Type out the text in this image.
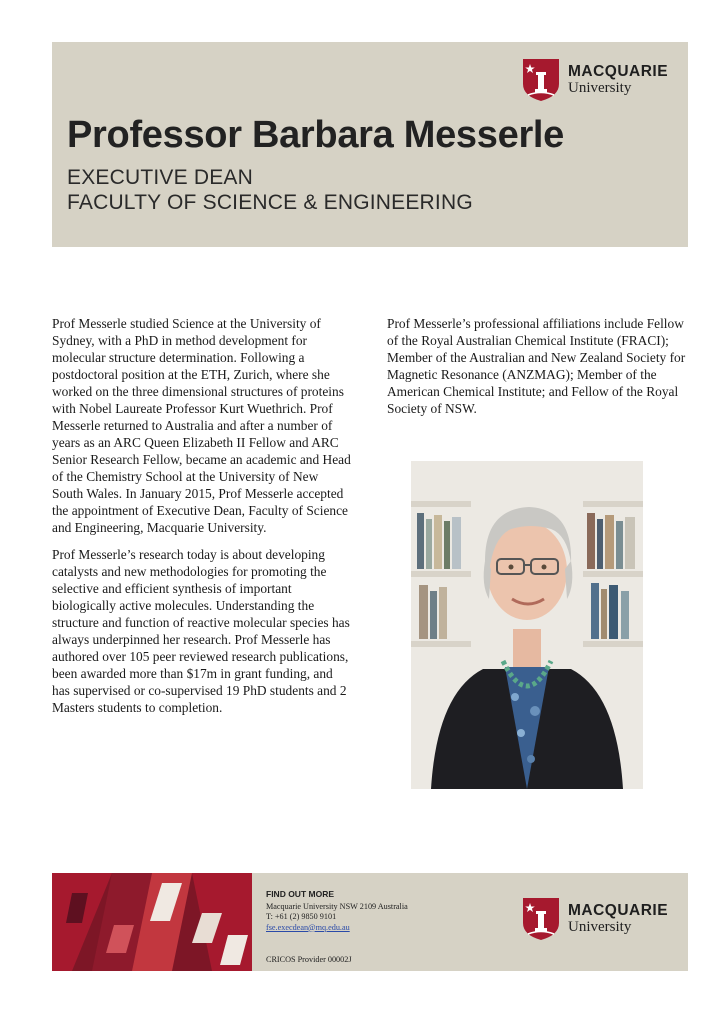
MACQUARIE
University
Professor Barbara Messerle
EXECUTIVE DEAN
FACULTY OF SCIENCE & ENGINEERING

Prof Messerle studied Science at the University of Sydney, with a PhD in method development for molecular structure determination. Following a postdoctoral position at the ETH, Zurich, where she worked on the three dimensional structures of proteins with Nobel Laureate Professor Kurt Wuethrich. Prof Messerle returned to Australia and after a number of years as an ARC Queen Elizabeth II Fellow and ARC Senior Research Fellow, became an academic and Head of the Chemistry School at the University of New South Wales. In January 2015, Prof Messerle accepted the appointment of Executive Dean, Faculty of Science and Engineering, Macquarie University.

Prof Messerle’s research today is about developing catalysts and new methodologies for promoting the selective and efficient synthesis of important biologically active molecules. Understanding the structure and function of reactive molecular species has always underpinned her research. Prof Messerle has authored over 105 peer reviewed research publications, been awarded more than $17m in grant funding, and has supervised or co-supervised 19 PhD students and 2 Masters students to completion.

Prof Messerle’s professional affiliations include Fellow of the Royal Australian Chemical Institute (FRACI); Member of the Australian and New Zealand Society for Magnetic Resonance (ANZMAG); Member of the American Chemical Institute; and Fellow of the Royal Society of NSW.

FIND OUT MORE
Macquarie University NSW 2109 Australia
T: +61 (2) 9850 9101
fse.execdean@mq.edu.au
CRICOS Provider 00002J
MACQUARIE
University
